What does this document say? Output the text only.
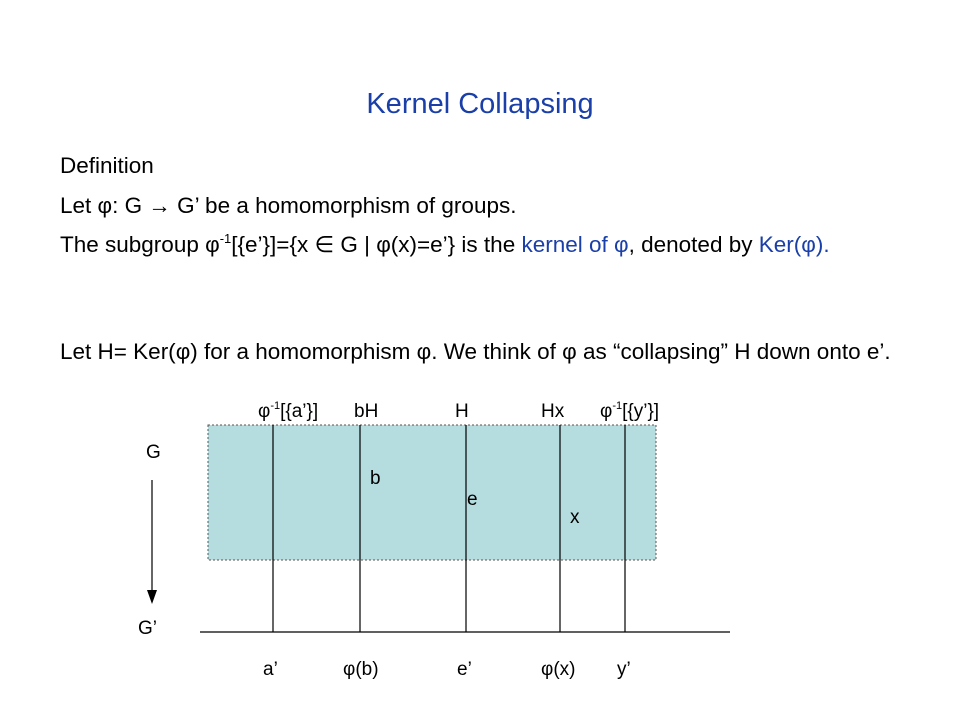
Kernel Collapsing
Definition
Let φ: G → G’ be a homomorphism of groups.
The subgroup $\varphi^{-1}[\{e’\}]=\{x$ ∈ G | φ(x)=e’} is the kernel of φ, denoted by Ker(φ).
Let H= Ker(φ) for a homomorphism φ. We think of φ as “collapsing” H down onto e’.
$\varphi^{-1}[\{a’\}]$ bH	H	Hx $\varphi^{-1}[\{y’\}]$
G
G’
b
e
x
a’	φ(b)	e’	φ(x) y’
